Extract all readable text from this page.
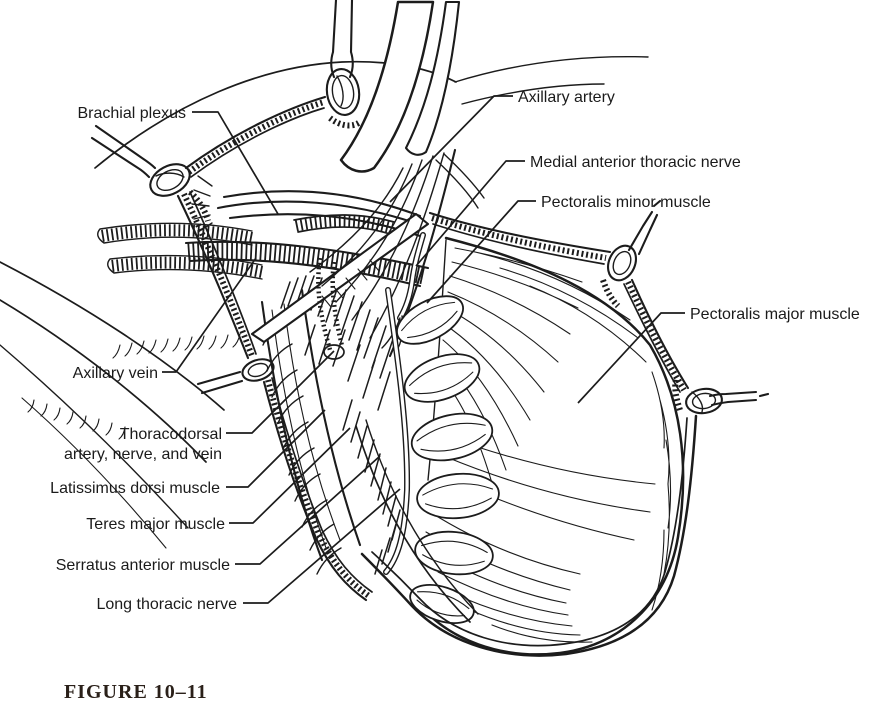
Brachial plexus
Axillary artery
Medial anterior thoracic nerve
Pectoralis minor muscle
Pectoralis major muscle
Axillary vein
Thoracodorsal
artery, nerve, and vein
Latissimus dorsi muscle
Teres major muscle
Serratus anterior muscle
Long thoracic nerve
FIGURE 10–11
